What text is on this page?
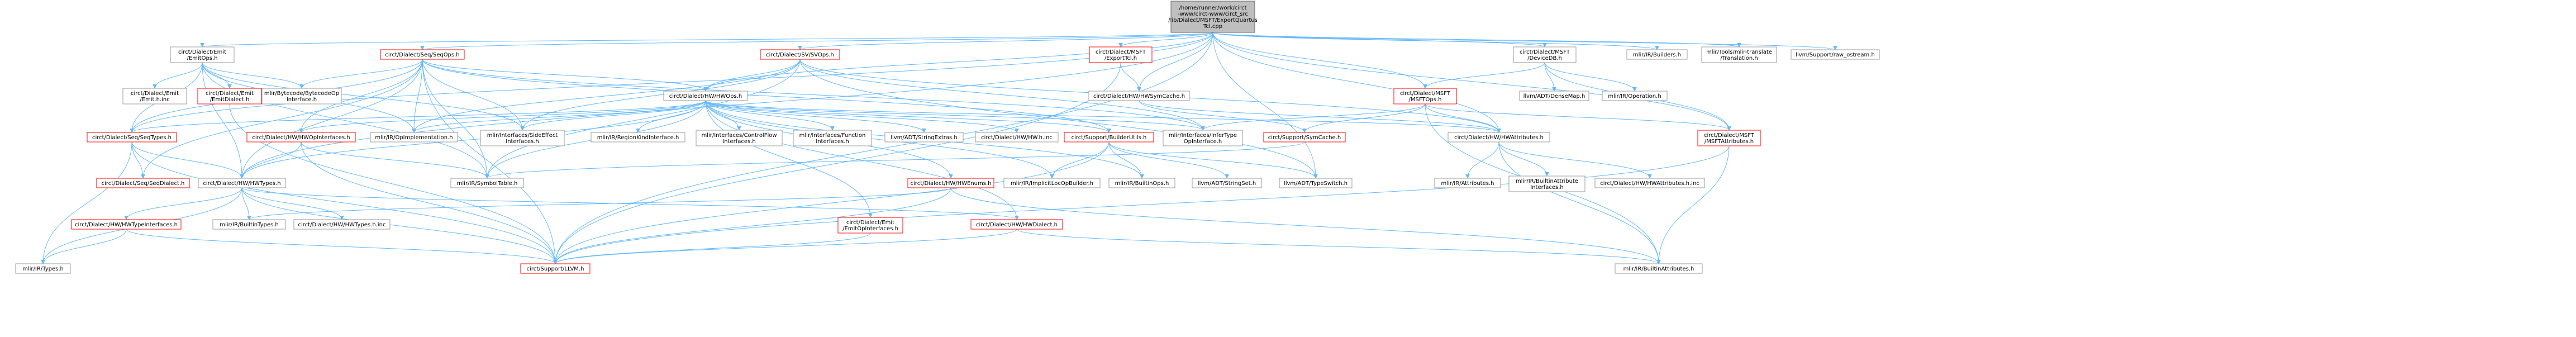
/home/runner/work/circt
-www/circt-www/circt_src
/lib/Dialect/MSFT/ExportQuartus
Tcl.cpp
circt/Dialect/Emit
/EmitOps.h
circt/Dialect/Seq/SeqOps.h	circt/Dialect/SV/SVOps.h	circt/Dialect/MSFT
/ExportTcl.h
circt/Dialect/MSFT
/DeviceDB.h
mlir/IR/Builders.h	mlir/Tools/mlir-translate
/Translation.h
llvm/Support/raw_ostream.h
circt/Dialect/Emit
/Emit.h.inc
circt/Dialect/Emit
/EmitDialect.h
mlir/Bytecode/BytecodeOp
Interface.h
circt/Dialect/HW/HWOps.h	circt/Dialect/HW/HWSymCache.h	circt/Dialect/MSFT
/MSFTOps.h
llvm/ADT/DenseMap.h	mlir/IR/Operation.h
circt/Dialect/MSFT
/MSFTAttributes.h
circt/Dialect/Seq/SeqTypes.h	circt/Dialect/HW/HWOpInterfaces.h	mlir/IR/OpImplementation.h	mlir/Interfaces/SideEffect
Interfaces.h
mlir/IR/RegionKindInterface.h	mlir/Interfaces/ControlFlow
Interfaces.h
mlir/Interfaces/Function
Interfaces.h
llvm/ADT/StringExtras.h	circt/Dialect/HW/HW.h.inc	circt/Support/BuilderUtils.h	mlir/Interfaces/InferType
OpInterface.h
circt/Support/SymCache.h	circt/Dialect/HW/HWAttributes.h
circt/Dialect/HW/HWTypes.h
circt/Dialect/Seq/SeqDialect.h	mlir/IR/SymbolTable.h	circt/Dialect/HW/HWEnums.h	mlir/IR/ImplicitLocOpBuilder.h	mlir/IR/BuiltinOps.h	llvm/ADT/StringSet.h	llvm/ADT/TypeSwitch.h	mlir/IR/Attributes.h	mlir/IR/BuiltinAttribute
Interfaces.h
circt/Dialect/HW/HWAttributes.h.inc
circt/Dialect/HW/HWTypeInterfaces.h	mlir/IR/BuiltinTypes.h	circt/Dialect/HW/HWTypes.h.inc	circt/Dialect/Emit
/EmitOpInterfaces.h
circt/Dialect/HW/HWDialect.h
mlir/IR/Types.h	circt/Support/LLVM.h	mlir/IR/BuiltinAttributes.h
